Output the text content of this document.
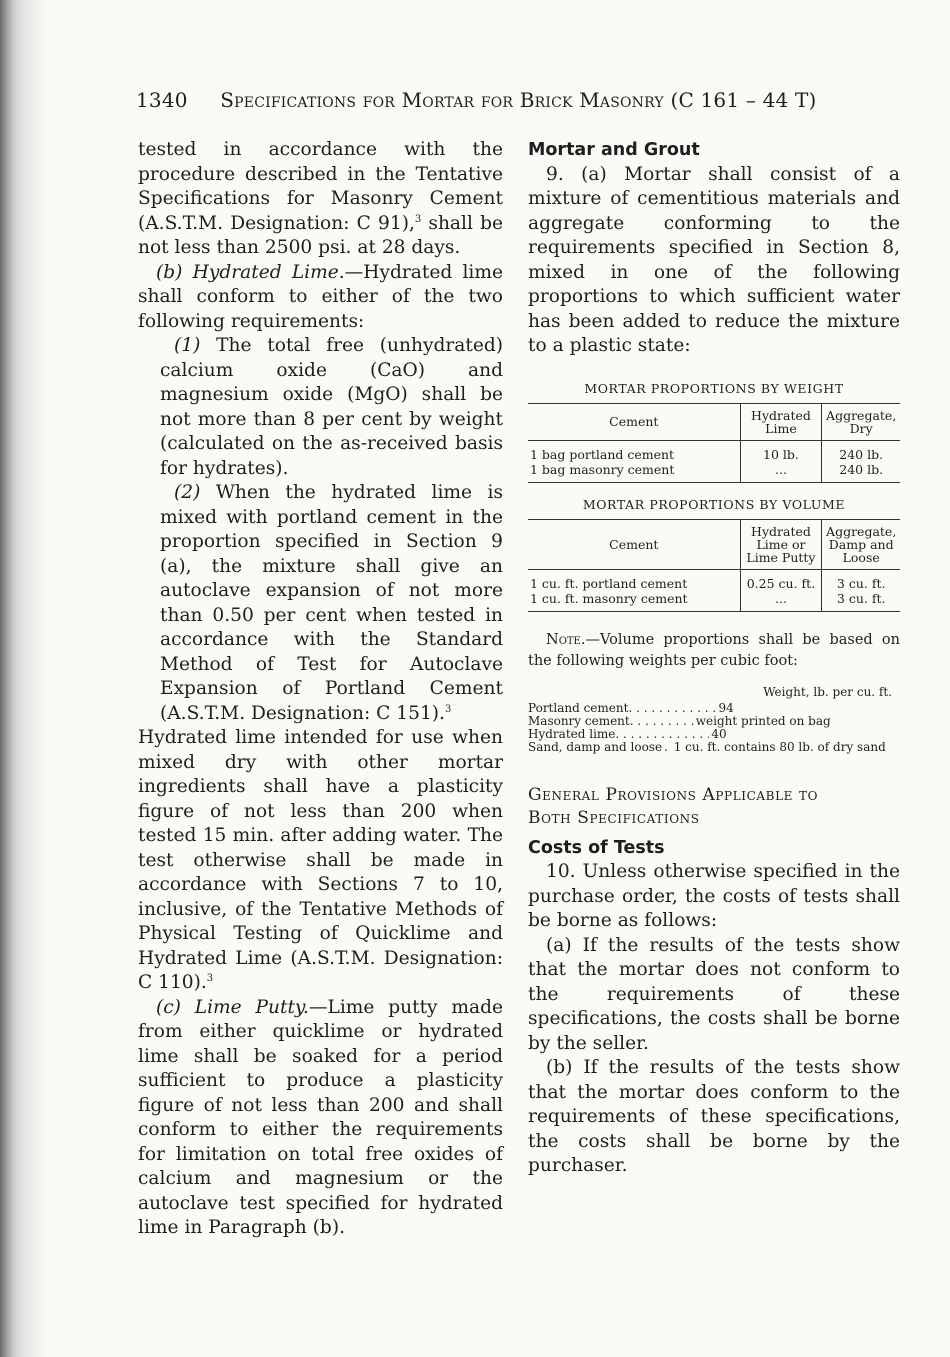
1340 Specifications for Mortar for Brick Masonry (C 161 – 44 T)

tested in accordance with the procedure described in the Tentative Specifications for Masonry Cement (A.S.T.M. Designation: C 91),$^3$ shall be not less than 2500 psi. at 28 days.

(b) Hydrated Lime.—Hydrated lime shall conform to either of the two following requirements:

(1) The total free (unhydrated) calcium oxide (CaO) and magnesium oxide (MgO) shall be not more than 8 per cent by weight (calculated on the as-received basis for hydrates).

(2) When the hydrated lime is mixed with portland cement in the proportion specified in Section 9 (a), the mixture shall give an autoclave expansion of not more than 0.50 per cent when tested in accordance with the Standard Method of Test for Autoclave Expansion of Portland Cement (A.S.T.M. Designation: C 151).$^3$

Hydrated lime intended for use when mixed dry with other mortar ingredients shall have a plasticity figure of not less than 200 when tested 15 min. after adding water. The test otherwise shall be made in accordance with Sections 7 to 10, inclusive, of the Tentative Methods of Physical Testing of Quicklime and Hydrated Lime (A.S.T.M. Designation: C 110).$^3$

(c) Lime Putty.—Lime putty made from either quicklime or hydrated lime shall be soaked for a period sufficient to produce a plasticity figure of not less than 200 and shall conform to either the requirements for limitation on total free oxides of calcium and magnesium or the autoclave test specified for hydrated lime in Paragraph (b).

Mortar and Grout

9. (a) Mortar shall consist of a mixture of cementitious materials and aggregate conforming to the requirements specified in Section 8, mixed in one of the following proportions to which sufficient water has been added to reduce the mixture to a plastic state:

MORTAR PROPORTIONS BY WEIGHT
Cement	Hydrated Lime	Aggregate, Dry
1 bag portland cement	10 lb.	240 lb.
1 bag masonry cement	...	240 lb.
MORTAR PROPORTIONS BY VOLUME
Cement	Hydrated Lime or Lime Putty	Aggregate, Damp and Loose
1 cu. ft. portland cement	0.25 cu. ft.	3 cu. ft.
1 cu. ft. masonry cement	...	3 cu. ft.

Note.—Volume proportions shall be based on the following weights per cubic foot:

Weight, lb. per cu. ft.
Portland cement . . .	94
Masonry cement . . .	weight printed on bag
Hydrated lime . . .	40
Sand, damp and loose . 1 cu. ft. contains 80 lb. of dry sand

General Provisions Applicable to

Both Specifications

Costs of Tests

10. Unless otherwise specified in the purchase order, the costs of tests shall be borne as follows:

(a) If the results of the tests show that the mortar does not conform to the requirements of these specifications, the costs shall be borne by the seller.

(b) If the results of the tests show that the mortar does conform to the requirements of these specifications, the costs shall be borne by the purchaser.
